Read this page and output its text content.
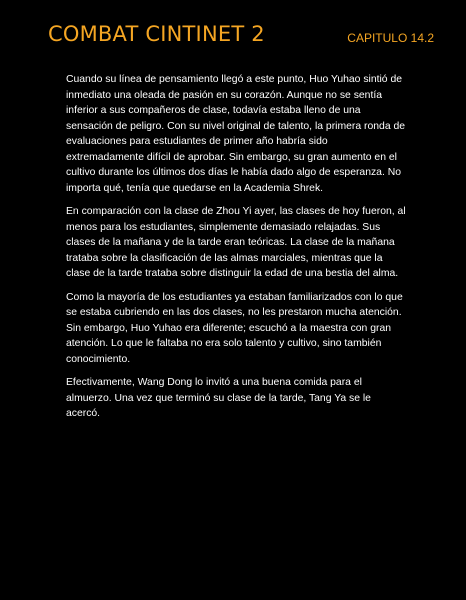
COMBAT CINTINET 2	CAPITULO 14.2

Cuando su línea de pensamiento llegó a este punto, Huo Yuhao sintió de inmediato una oleada de pasión en su corazón. Aunque no se sentía inferior a sus compañeros de clase, todavía estaba lleno de una sensación de peligro. Con su nivel original de talento, la primera ronda de evaluaciones para estudiantes de primer año habría sido extremadamente difícil de aprobar. Sin embargo, su gran aumento en el cultivo durante los últimos dos días le había dado algo de esperanza. No importa qué, tenía que quedarse en la Academia Shrek.

En comparación con la clase de Zhou Yi ayer, las clases de hoy fueron, al menos para los estudiantes, simplemente demasiado relajadas. Sus clases de la mañana y de la tarde eran teóricas. La clase de la mañana trataba sobre la clasificación de las almas marciales, mientras que la clase de la tarde trataba sobre distinguir la edad de una bestia del alma.

Como la mayoría de los estudiantes ya estaban familiarizados con lo que se estaba cubriendo en las dos clases, no les prestaron mucha atención. Sin embargo, Huo Yuhao era diferente; escuchó a la maestra con gran atención. Lo que le faltaba no era solo talento y cultivo, sino también conocimiento.

Efectivamente, Wang Dong lo invitó a una buena comida para el almuerzo. Una vez que terminó su clase de la tarde, Tang Ya se le acercó.
